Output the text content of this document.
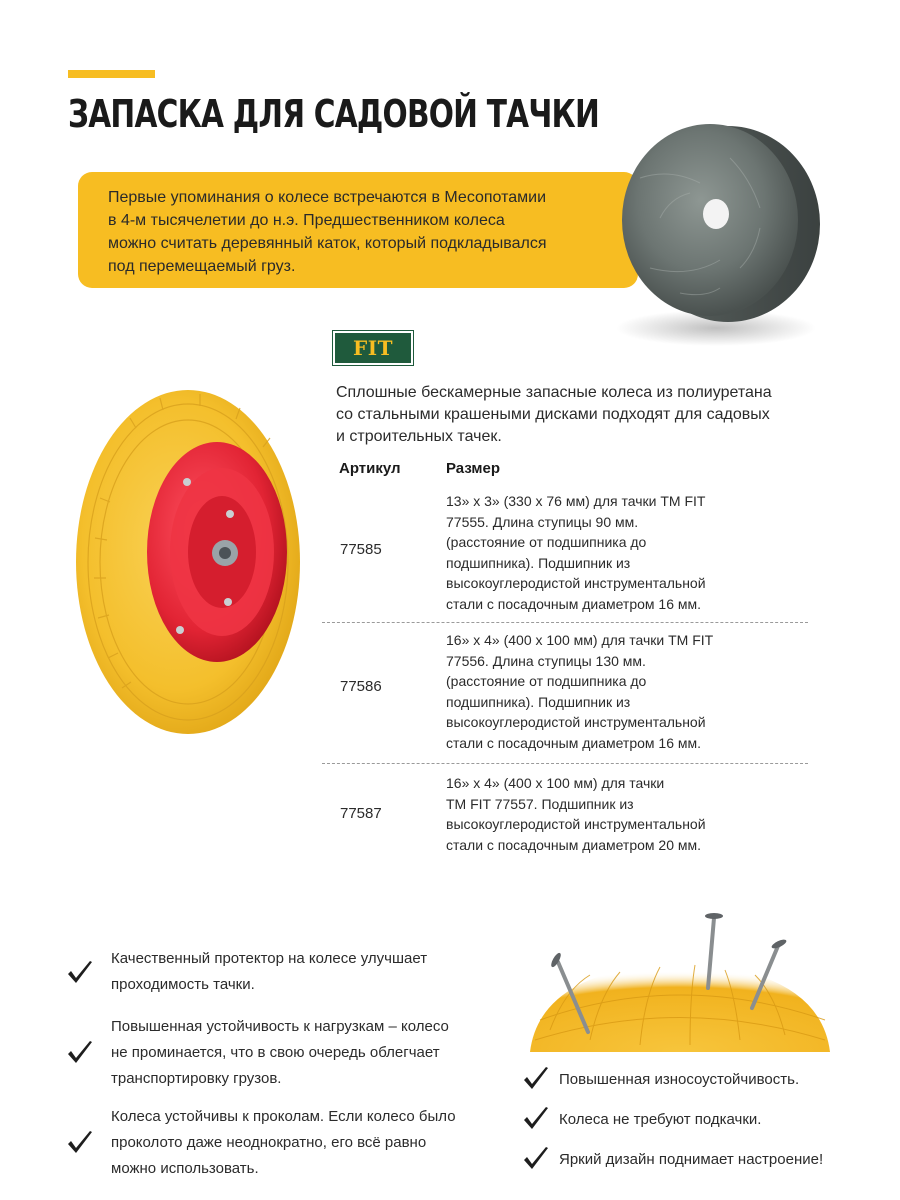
ЗАПАСКА ДЛЯ САДОВОЙ ТАЧКИ

Первые упоминания о колесе встречаются в Месопотамии

в 4-м тысячелетии до н.э. Предшественником колеса

можно считать деревянный каток, который подкладывался

под перемещаемый груз.

FIT

Сплошные бескамерные запасные колеса из полиуретана

со стальными крашеными дисками подходят для садовых

и строительных тачек.

Артикул	Размер
77585

13» х 3» (330 х 76 мм) для тачки ТМ FIT

77555. Длина ступицы 90 мм.

(расстояние от подшипника до

подшипника). Подшипник из

высокоуглеродистой инструментальной

стали с посадочным диаметром 16 мм.

77586

16» х 4» (400 х 100 мм) для тачки ТМ FIT

77556. Длина ступицы 130 мм.

(расстояние от подшипника до

подшипника). Подшипник из

высокоуглеродистой инструментальной

стали с посадочным диаметром 16 мм.

77587

16» х 4» (400 х 100 мм) для тачки

ТМ FIT 77557. Подшипник из

высокоуглеродистой инструментальной

стали с посадочным диаметром 20 мм.

Качественный протектор на колесе улучшает

проходимость тачки.

Повышенная устойчивость к нагрузкам – колесо

не проминается, что в свою очередь облегчает

транспортировку грузов.

Колеса устойчивы к проколам. Если колесо было

проколото даже неоднократно, его всё равно

можно использовать.

Повышенная износоустойчивость.

Колеса не требуют подкачки.

Яркий дизайн поднимает настроение!
